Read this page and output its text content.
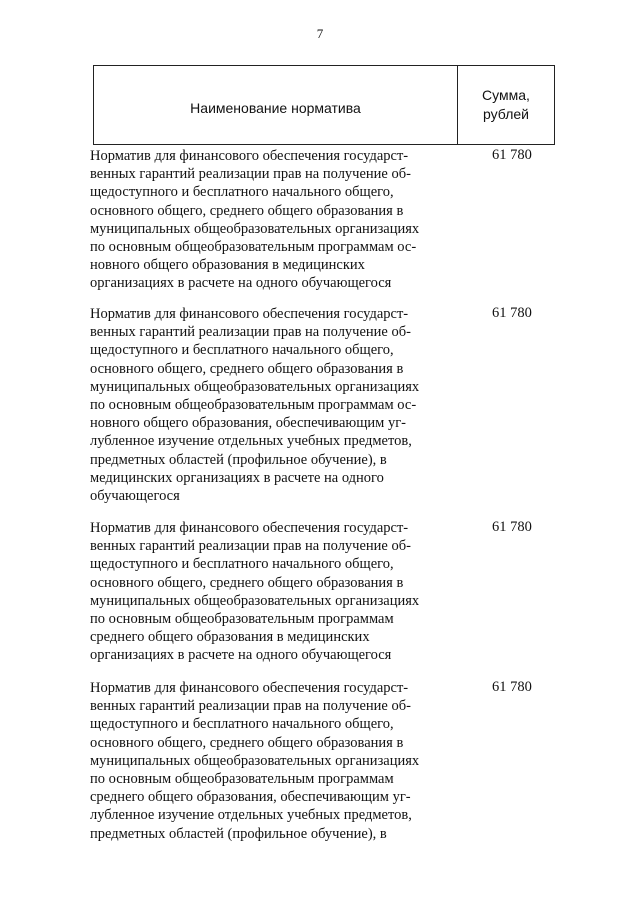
7
Наименование норматива
Сумма,
рублей
Норматив для финансового обеспечения государст-
венных гарантий реализации прав на получение об-
щедоступного и бесплатного начального общего,
основного общего, среднего общего образования в
муниципальных общеобразовательных организациях
по основным общеобразовательным программам ос-
новного общего образования в медицинских
организациях в расчете на одного обучающегося
61 780
Норматив для финансового обеспечения государст-
венных гарантий реализации прав на получение об-
щедоступного и бесплатного начального общего,
основного общего, среднего общего образования в
муниципальных общеобразовательных организациях
по основным общеобразовательным программам ос-
новного общего образования, обеспечивающим уг-
лубленное изучение отдельных учебных предметов,
предметных областей (профильное обучение), в
медицинских организациях в расчете на одного
обучающегося
61 780
Норматив для финансового обеспечения государст-
венных гарантий реализации прав на получение об-
щедоступного и бесплатного начального общего,
основного общего, среднего общего образования в
муниципальных общеобразовательных организациях
по основным общеобразовательным программам
среднего общего образования в медицинских
организациях в расчете на одного обучающегося
61 780
Норматив для финансового обеспечения государст-
венных гарантий реализации прав на получение об-
щедоступного и бесплатного начального общего,
основного общего, среднего общего образования в
муниципальных общеобразовательных организациях
по основным общеобразовательным программам
среднего общего образования, обеспечивающим уг-
лубленное изучение отдельных учебных предметов,
предметных областей (профильное обучение), в
61 780
